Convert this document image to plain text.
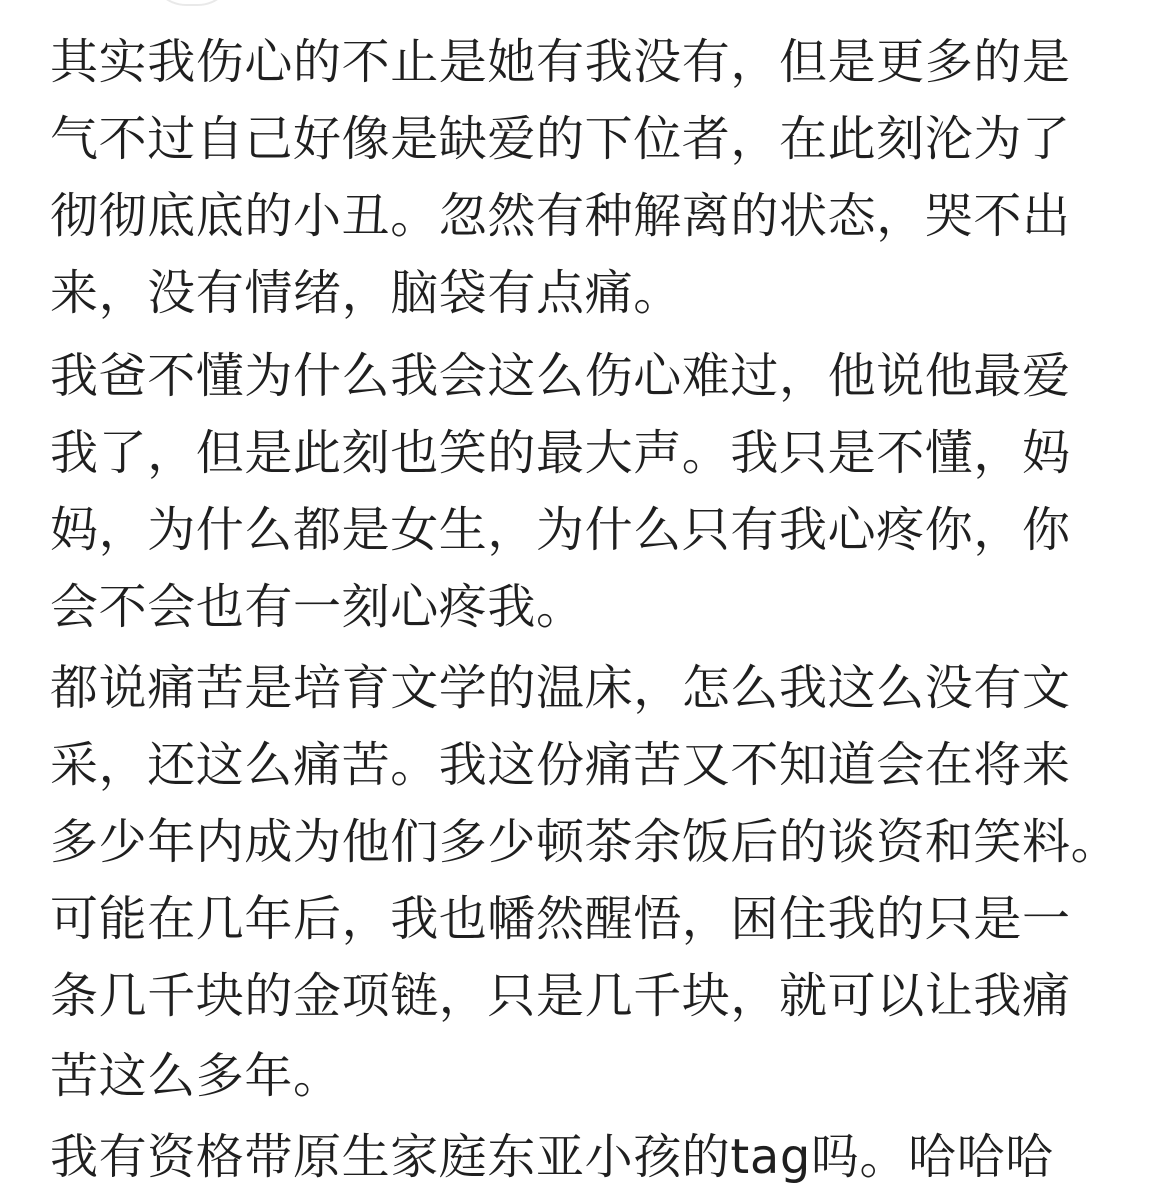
其实我伤心的不止是她有我没有，但是更多的是
气不过自己好像是缺爱的下位者，在此刻沦为了
彻彻底底的小丑。忽然有种解离的状态，哭不出
来，没有情绪，脑袋有点痛。
我爸不懂为什么我会这么伤心难过，他说他最爱
我了，但是此刻也笑的最大声。我只是不懂，妈
妈，为什么都是女生，为什么只有我心疼你，你
会不会也有一刻心疼我。
都说痛苦是培育文学的温床，怎么我这么没有文
采，还这么痛苦。我这份痛苦又不知道会在将来
多少年内成为他们多少顿茶余饭后的谈资和笑料。
可能在几年后，我也幡然醒悟，困住我的只是一
条几千块的金项链，只是几千块，就可以让我痛
苦这么多年。
我有资格带原生家庭东亚小孩的tag吗。哈哈哈
